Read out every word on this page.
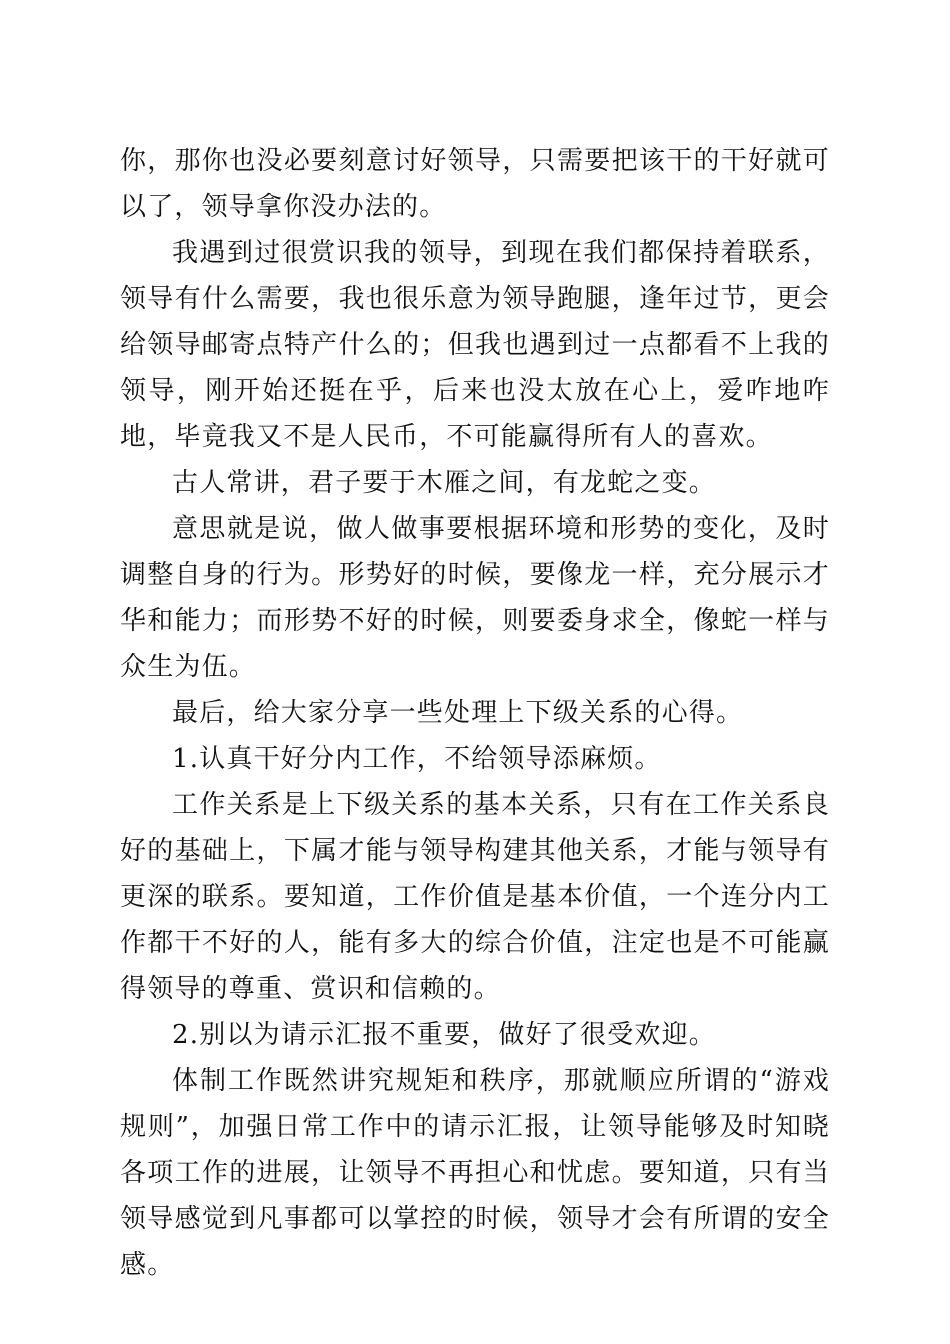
你，那你也没必要刻意讨好领导，只需要把该干的干好就可以了，领导拿你没办法的。

我遇到过很赏识我的领导，到现在我们都保持着联系，领导有什么需要，我也很乐意为领导跑腿，逢年过节，更会给领导邮寄点特产什么的；但我也遇到过一点都看不上我的领导，刚开始还挺在乎，后来也没太放在心上，爱咋地咋地，毕竟我又不是人民币，不可能赢得所有人的喜欢。

古人常讲，君子要于木雁之间，有龙蛇之变。

意思就是说，做人做事要根据环境和形势的变化，及时调整自身的行为。形势好的时候，要像龙一样，充分展示才华和能力；而形势不好的时候，则要委身求全，像蛇一样与众生为伍。

最后，给大家分享一些处理上下级关系的心得。

1.认真干好分内工作，不给领导添麻烦。

工作关系是上下级关系的基本关系，只有在工作关系良好的基础上，下属才能与领导构建其他关系，才能与领导有更深的联系。要知道，工作价值是基本价值，一个连分内工作都干不好的人，能有多大的综合价值，注定也是不可能赢得领导的尊重、赏识和信赖的。

2.别以为请示汇报不重要，做好了很受欢迎。

体制工作既然讲究规矩和秩序，那就顺应所谓的“游戏规则”，加强日常工作中的请示汇报，让领导能够及时知晓各项工作的进展，让领导不再担心和忧虑。要知道，只有当领导感觉到凡事都可以掌控的时候，领导才会有所谓的安全感。
